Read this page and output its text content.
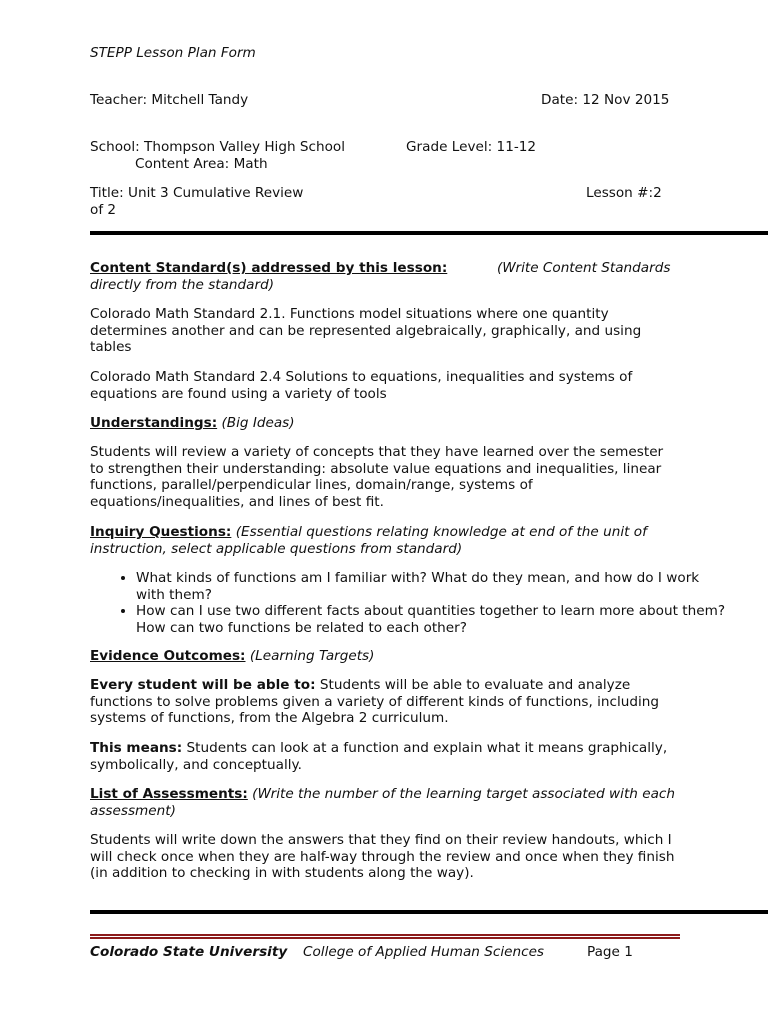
STEPP Lesson Plan Form
Teacher: Mitchell Tandy	Date: 12 Nov 2015
School: Thompson Valley High School	Grade Level: 11-12
Content Area: Math
Title: Unit 3 Cumulative Review	Lesson #:2
of 2
Content Standard(s) addressed by this lesson:	(Write Content Standards
directly from the standard)

Colorado Math Standard 2.1. Functions model situations where one quantity determines another and can be represented algebraically, graphically, and using tables

Colorado Math Standard 2.4 Solutions to equations, inequalities and systems of equations are found using a variety of tools

Understandings: (Big Ideas)

Students will review a variety of concepts that they have learned over the semester to strengthen their understanding: absolute value equations and inequalities, linear functions, parallel/perpendicular lines, domain/range, systems of equations/inequalities, and lines of best fit.

Inquiry Questions: (Essential questions relating knowledge at end of the unit of instruction, select applicable questions from standard)

• What kinds of functions am I familiar with? What do they mean, and how do I work with them?
• How can I use two different facts about quantities together to learn more about them? How can two functions be related to each other?
Evidence Outcomes: (Learning Targets)

Every student will be able to: Students will be able to evaluate and analyze functions to solve problems given a variety of different kinds of functions, including systems of functions, from the Algebra 2 curriculum.

This means: Students can look at a function and explain what it means graphically, symbolically, and conceptually.

List of Assessments: (Write the number of the learning target associated with each assessment)

Students will write down the answers that they find on their review handouts, which I will check once when they are half-way through the review and once when they finish (in addition to checking in with students along the way).

Colorado State University College of Applied Human Sciences	Page 1
